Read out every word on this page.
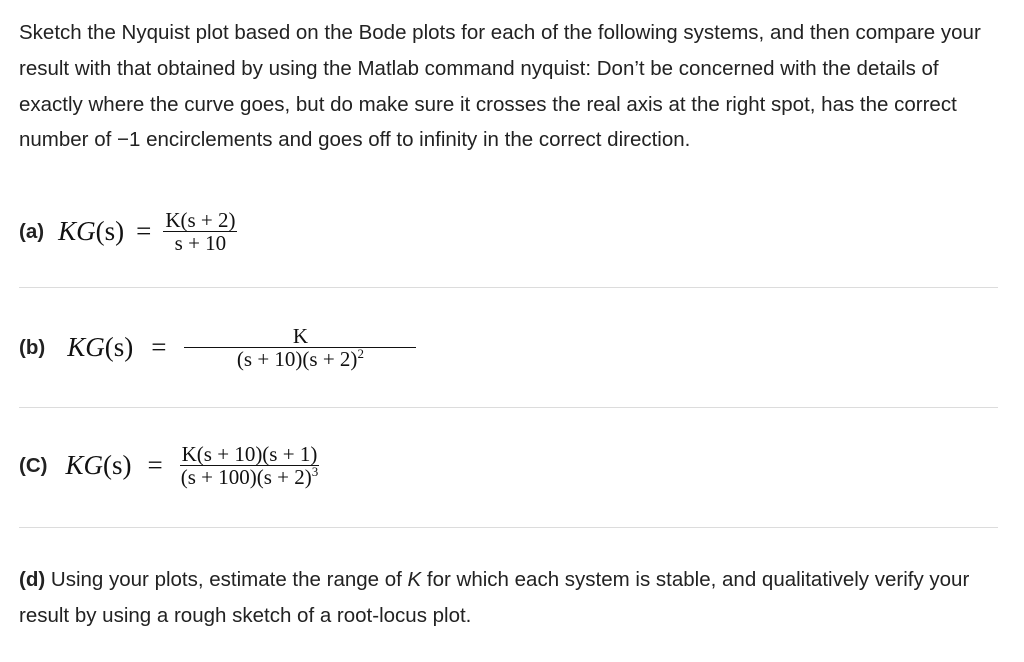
Sketch the Nyquist plot based on the Bode plots for each of the following systems, and then compare your result with that obtained by using the Matlab command nyquist: Don’t be concerned with the details of exactly where the curve goes, but do make sure it crosses the real axis at the right spot, has the correct number of −1 encirclements and goes off to infinity in the correct direction.

(a) $KG(s) = \frac{K(s + 2)}{s + 10}$
(b) $KG(s) = \frac{K}{(s + 10)(s + 2)^2}$
(C) $KG(s) = \frac{K(s + 10)(s + 1)}{(s + 100)(s + 2)^3}$

(d) Using your plots, estimate the range of K for which each system is stable, and qualitatively verify your result by using a rough sketch of a root-locus plot.
